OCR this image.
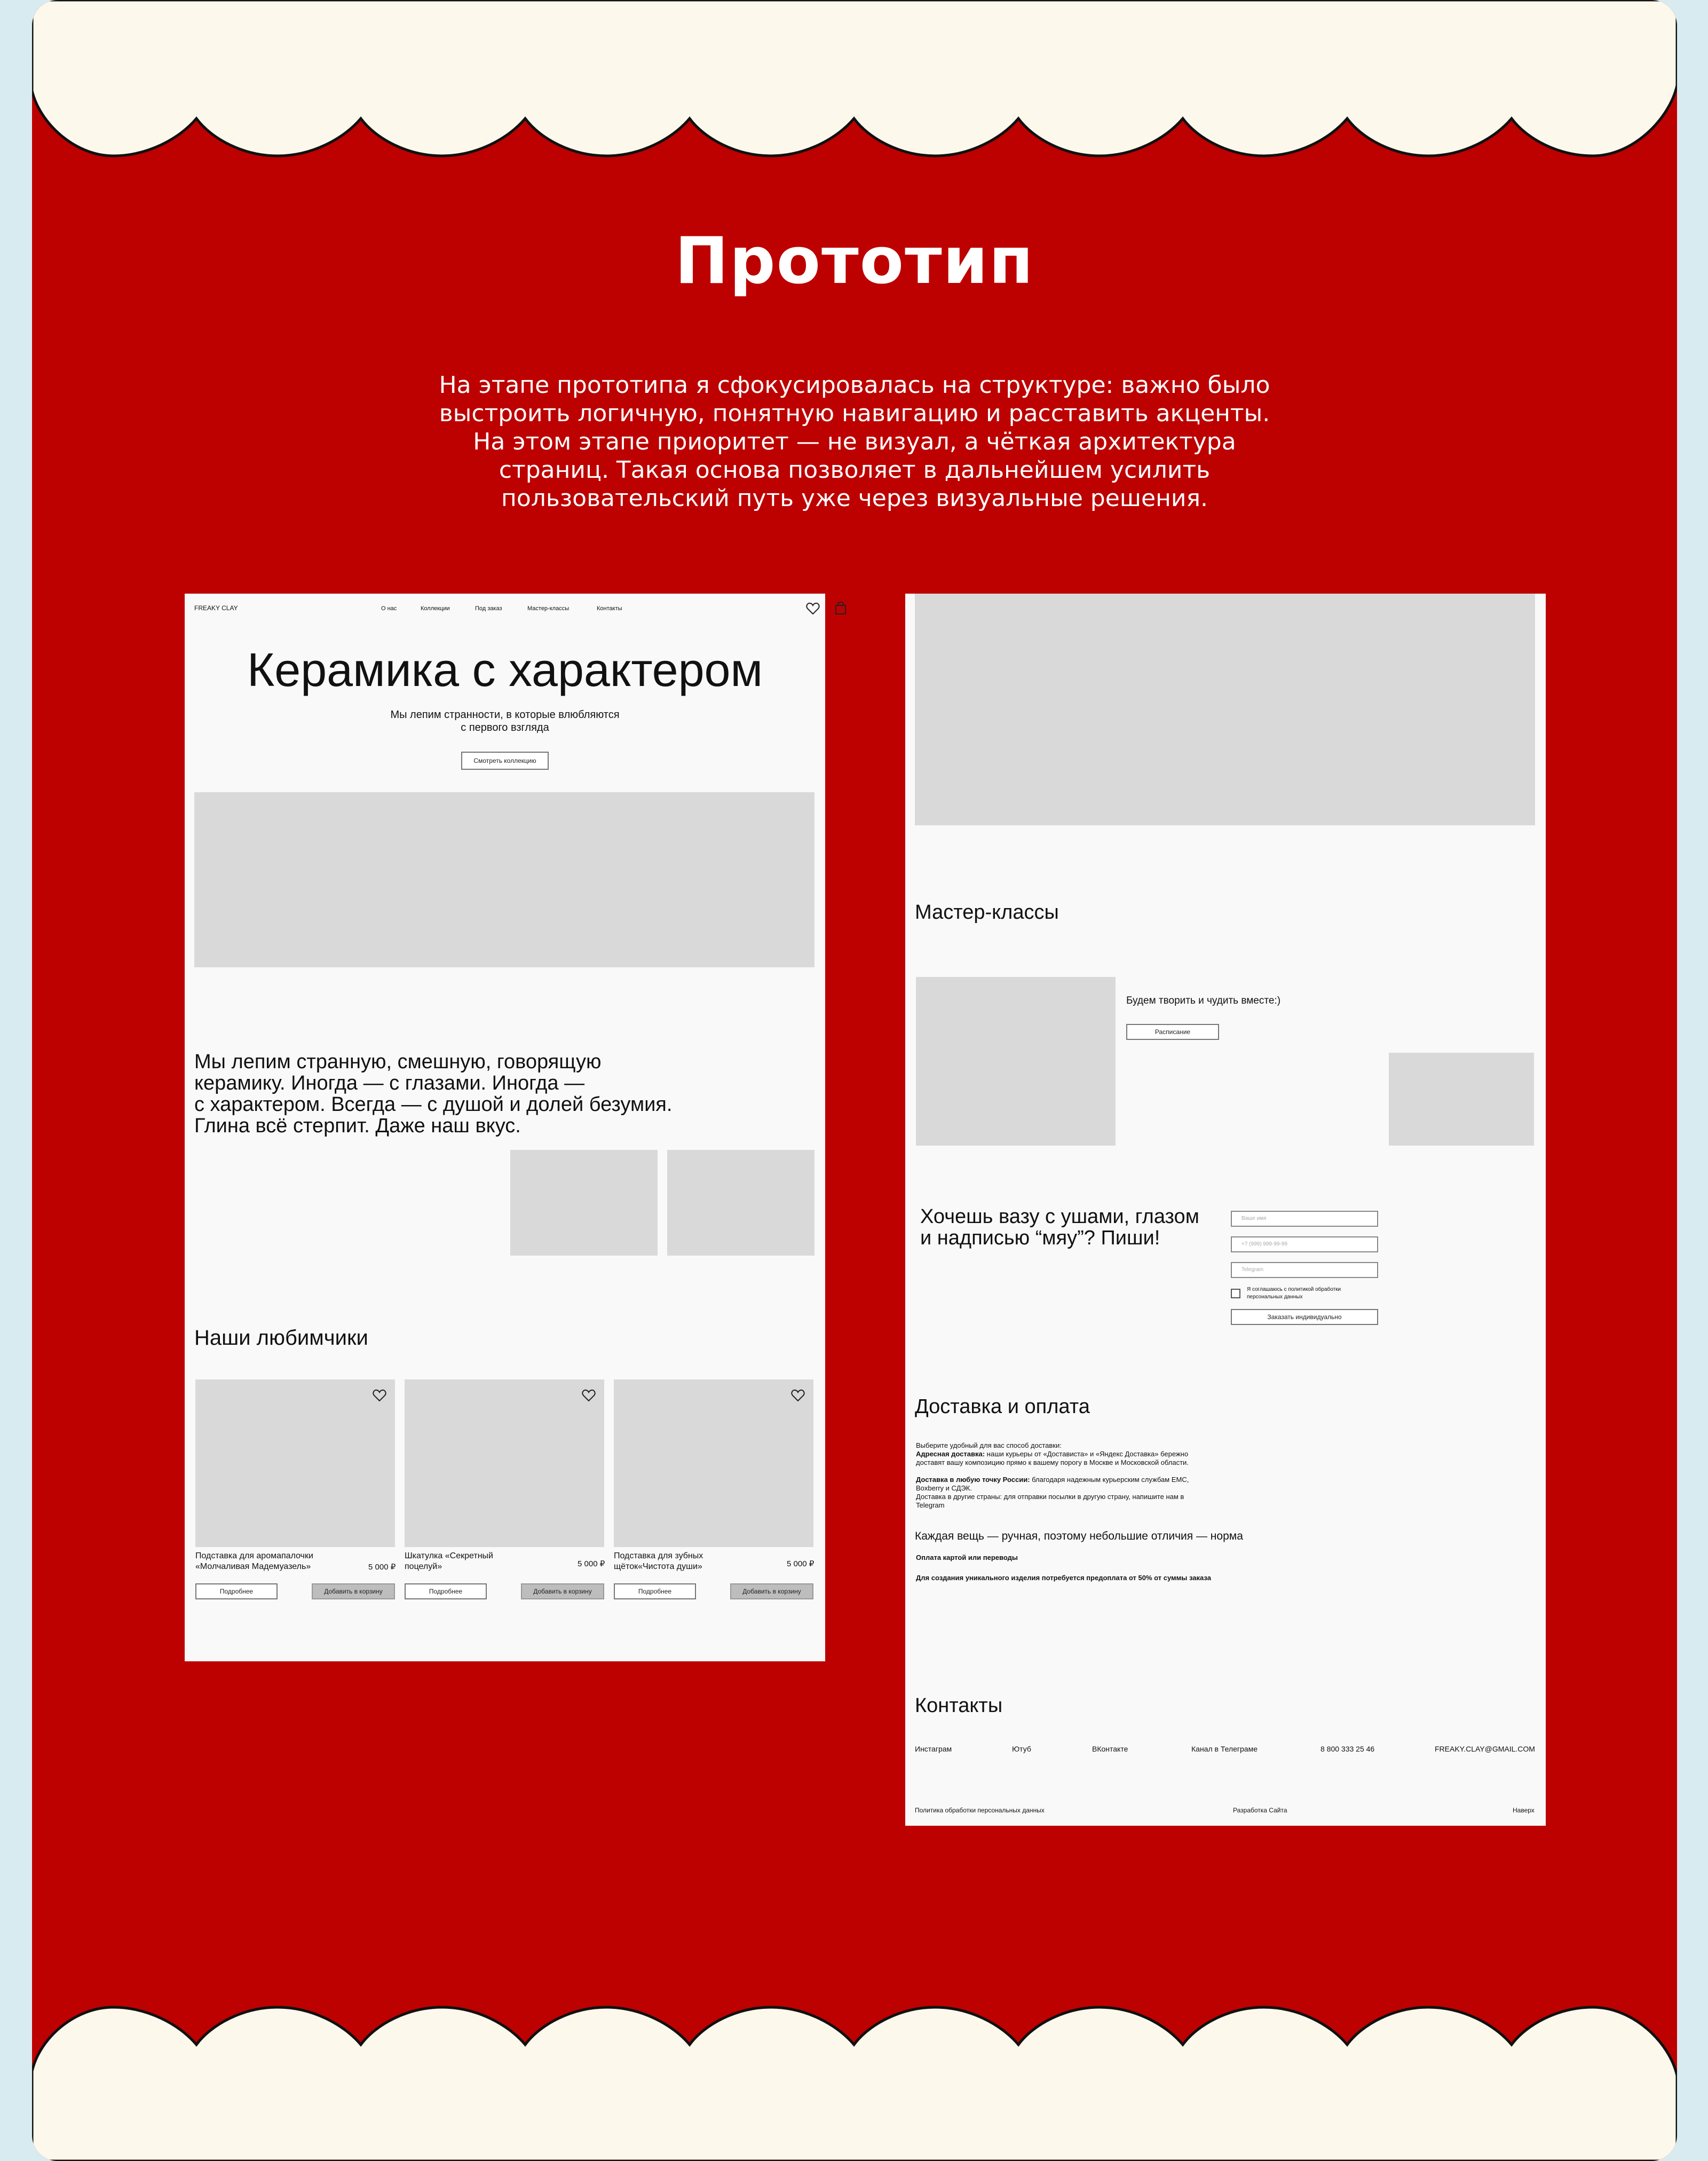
Прототип

На этапе прототипа я сфокусировалась на структуре: важно было
выстроить логичную, понятную навигацию и расставить акценты.
На этом этапе приоритет — не визуал, а чёткая архитектура
страниц. Такая основа позволяет в дальнейшем усилить
пользовательский путь уже через визуальные решения.

FREAKY CLAY	О нас	Коллекции	Под заказ	Мастер-классы	Контакты
Керамика с характером
Мы лепим странности, в которые влюбляются
с первого взгляда
Смотреть коллекцию
Мы лепим странную, смешную, говорящую
керамику. Иногда — с глазами. Иногда —
с характером. Всегда — с душой и долей безумия.
Глина всё стерпит. Даже наш вкус.
Наши любимчики
Подставка для аромапалочки
«Молчаливая Мадемуазель»	5 000 ₽
Подробнее	Добавить в корзину
Шкатулка «Секретный
поцелуй»	5 000 ₽
Подробнее	Добавить в корзину
Подставка для зубных
щёток«Чистота души»	5 000 ₽
Подробнее	Добавить в корзину
Мастер-классы
Будем творить и чудить вместе:)
Расписание
Хочешь вазу с ушами, глазом
и надписью “мяу”? Пиши!
Ваше имя
+7 (999) 999-99-99
Telegram
Я соглашаюсь с политикой обработки
персональных данных
Заказать индивидуально
Доставка и оплата
Выберите удобный для вас способ доставки:
Адресная доставка: наши курьеры от «Достависта» и «Яндекс Доставка» бережно
доставят вашу композицию прямо к вашему порогу в Москве и Московской области.
Доставка в любую точку России: благодаря надежным курьерским службам ЕМС,
Boxberry и СДЭК.
Доставка в другие страны: для отправки посылки в другую страну, напишите нам в
Telegram
Каждая вещь — ручная, поэтому небольшие отличия — норма
Оплата картой или переводы
Для создания уникального изделия потребуется предоплата от 50% от суммы заказа
Контакты
Инстаграм	Ютуб	ВКонтакте	Канал в Телеграме	8 800 333 25 46	FREAKY.CLAY@GMAIL.COM
Политика обработки персональных данных	Разработка Сайта	Наверх
